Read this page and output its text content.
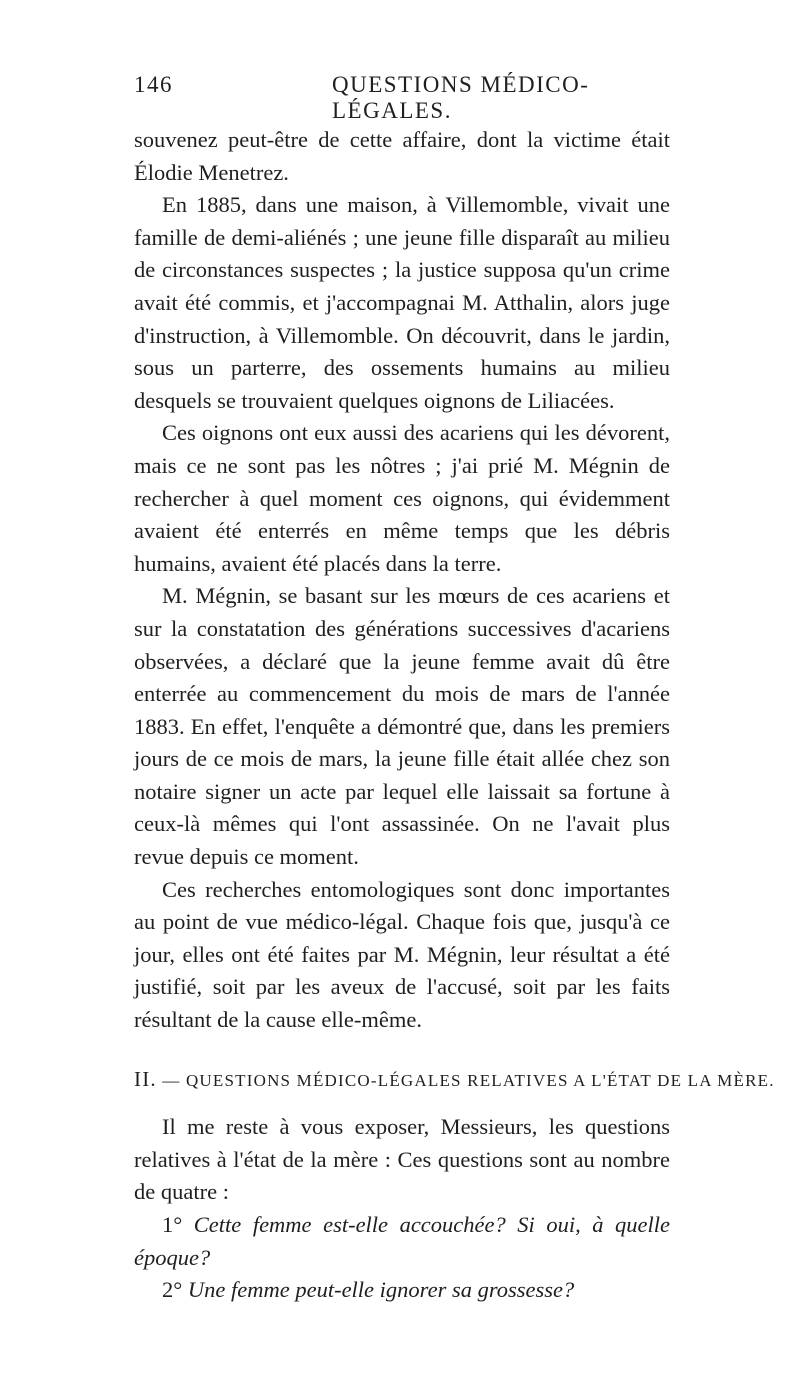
146	QUESTIONS MÉDICO-LÉGALES.

souvenez peut-être de cette affaire, dont la victime était Élodie Menetrez.

En 1885, dans une maison, à Villemomble, vivait une famille de demi-aliénés ; une jeune fille disparaît au milieu de circonstances suspectes ; la justice supposa qu'un crime avait été commis, et j'accompagnai M. Atthalin, alors juge d'instruction, à Villemomble. On découvrit, dans le jardin, sous un parterre, des ossements humains au milieu desquels se trouvaient quelques oignons de Liliacées.

Ces oignons ont eux aussi des acariens qui les dévorent, mais ce ne sont pas les nôtres ; j'ai prié M. Mégnin de rechercher à quel moment ces oignons, qui évidemment avaient été enterrés en même temps que les débris humains, avaient été placés dans la terre.

M. Mégnin, se basant sur les mœurs de ces acariens et sur la constatation des générations successives d'acariens observées, a déclaré que la jeune femme avait dû être enterrée au commencement du mois de mars de l'année 1883. En effet, l'enquête a démontré que, dans les premiers jours de ce mois de mars, la jeune fille était allée chez son notaire signer un acte par lequel elle laissait sa fortune à ceux-là mêmes qui l'ont assassinée. On ne l'avait plus revue depuis ce moment.

Ces recherches entomologiques sont donc importantes au point de vue médico-légal. Chaque fois que, jusqu'à ce jour, elles ont été faites par M. Mégnin, leur résultat a été justifié, soit par les aveux de l'accusé, soit par les faits résultant de la cause elle-même.

II. — QUESTIONS MÉDICO-LÉGALES RELATIVES A L'ÉTAT DE LA MÈRE.

Il me reste à vous exposer, Messieurs, les questions relatives à l'état de la mère : Ces questions sont au nombre de quatre :

1° Cette femme est-elle accouchée? Si oui, à quelle époque?

2° Une femme peut-elle ignorer sa grossesse?
